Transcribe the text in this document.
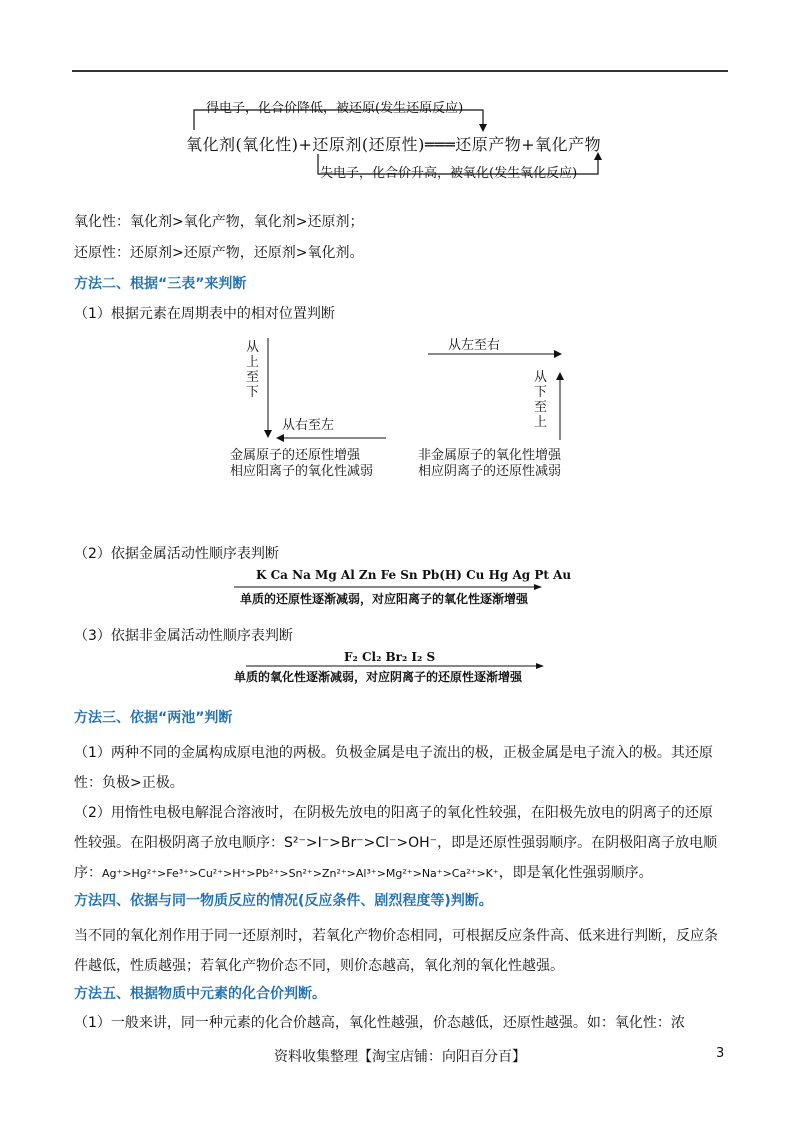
得电子，化合价降低，被还原(发生还原反应)
氧化剂(氧化性)+还原剂(还原性)═══还原产物+氧化产物
失电子，化合价升高，被氧化(发生氧化反应)
氧化性：氧化剂>氧化产物，氧化剂>还原剂；
还原性：还原剂>还原产物，还原剂>氧化剂。
方法二、根据“三表”来判断
（1）根据元素在周期表中的相对位置判断
从上至下
从右至左
金属原子的还原性增强
相应阳离子的氧化性减弱
从左至右
从下至上
非金属原子的氧化性增强
相应阴离子的还原性减弱
（2）依据金属活动性顺序表判断
K Ca Na Mg Al Zn Fe Sn Pb(H) Cu Hg Ag Pt Au
单质的还原性逐渐减弱，对应阳离子的氧化性逐渐增强
（3）依据非金属活动性顺序表判断
F₂ Cl₂ Br₂ I₂ S
单质的氧化性逐渐减弱，对应阴离子的还原性逐渐增强
方法三、依据“两池”判断
（1）两种不同的金属构成原电池的两极。负极金属是电子流出的极，正极金属是电子流入的极。其还原性：负极>正极。
（2）用惰性电极电解混合溶液时，在阴极先放电的阳离子的氧化性较强，在阳极先放电的阴离子的还原性较强。在阳极阴离子放电顺序：S²⁻>I⁻>Br⁻>Cl⁻>OH⁻，即是还原性强弱顺序。在阴极阳离子放电顺序：Ag⁺>Hg²⁺>Fe³⁺>Cu²⁺>H⁺>Pb²⁺>Sn²⁺>Zn²⁺>Al³⁺>Mg²⁺>Na⁺>Ca²⁺>K⁺，即是氧化性强弱顺序。
方法四、依据与同一物质反应的情况(反应条件、剧烈程度等)判断。
当不同的氧化剂作用于同一还原剂时，若氧化产物价态相同，可根据反应条件高、低来进行判断，反应条件越低，性质越强；若氧化产物价态不同，则价态越高，氧化剂的氧化性越强。
方法五、根据物质中元素的化合价判断。
（1）一般来讲，同一种元素的化合价越高，氧化性越强，价态越低，还原性越强。如：氧化性：浓
资料收集整理【淘宝店铺：向阳百分百】	3
